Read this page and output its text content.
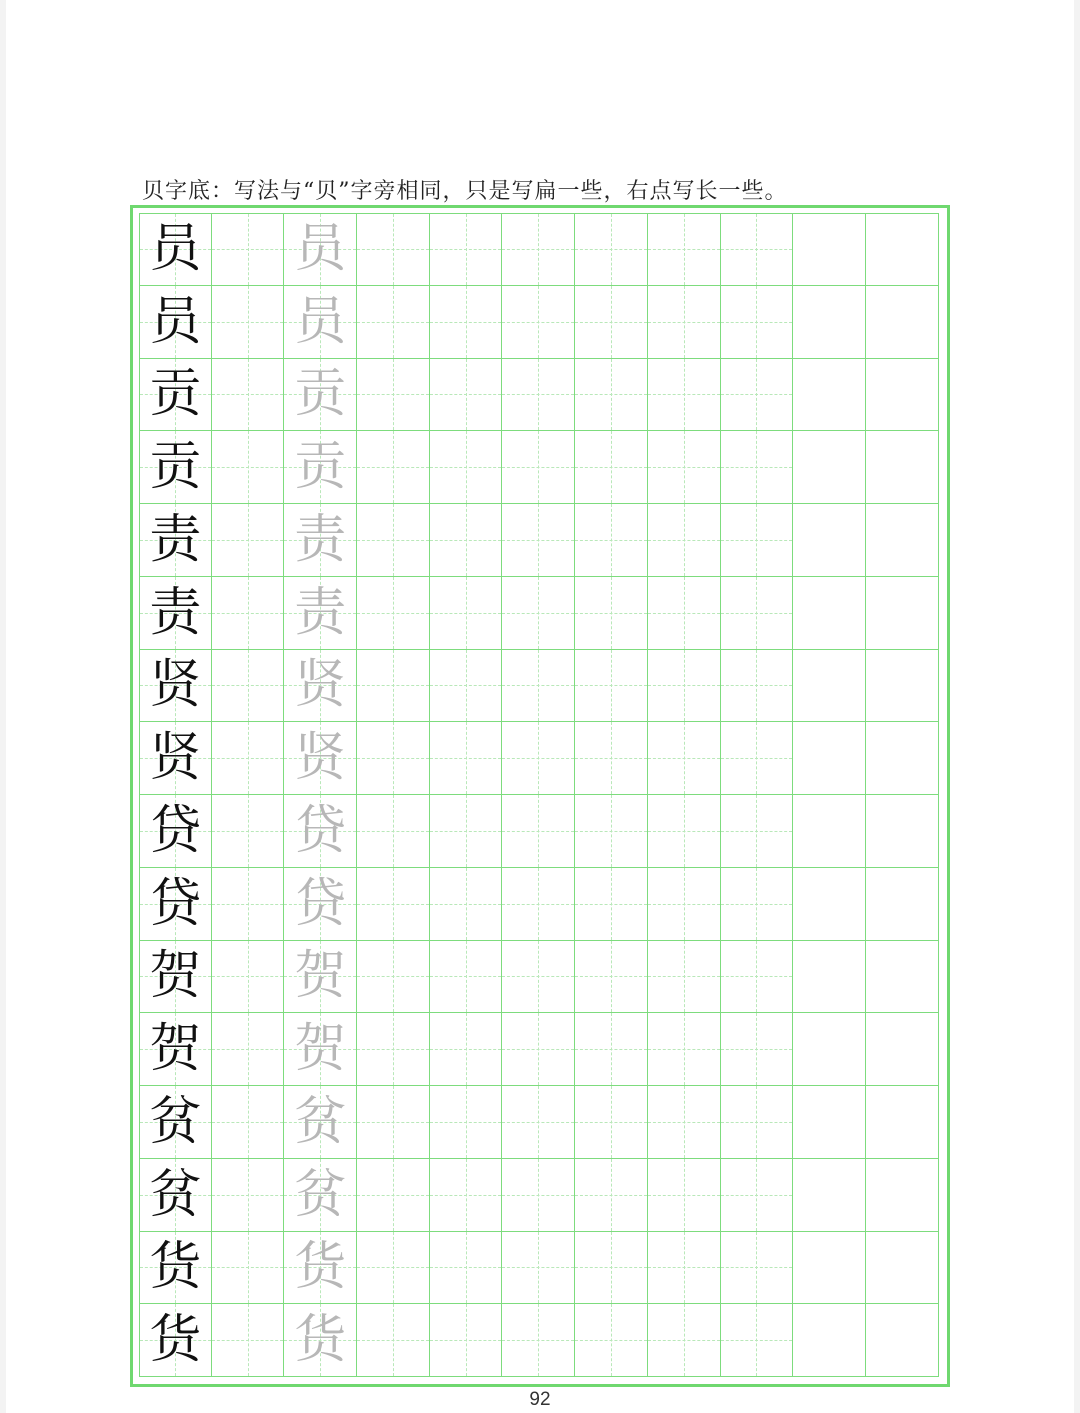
贝字底：写法与“贝”字旁相同，只是写扁一些，右点写长一些。
员 员
员 员
贡 贡
贡 贡
责 责
责 责
贤 贤
贤 贤
贷 贷
贷 贷
贺 贺
贺 贺
贫 贫
贫 贫
货 货
货 货
92
